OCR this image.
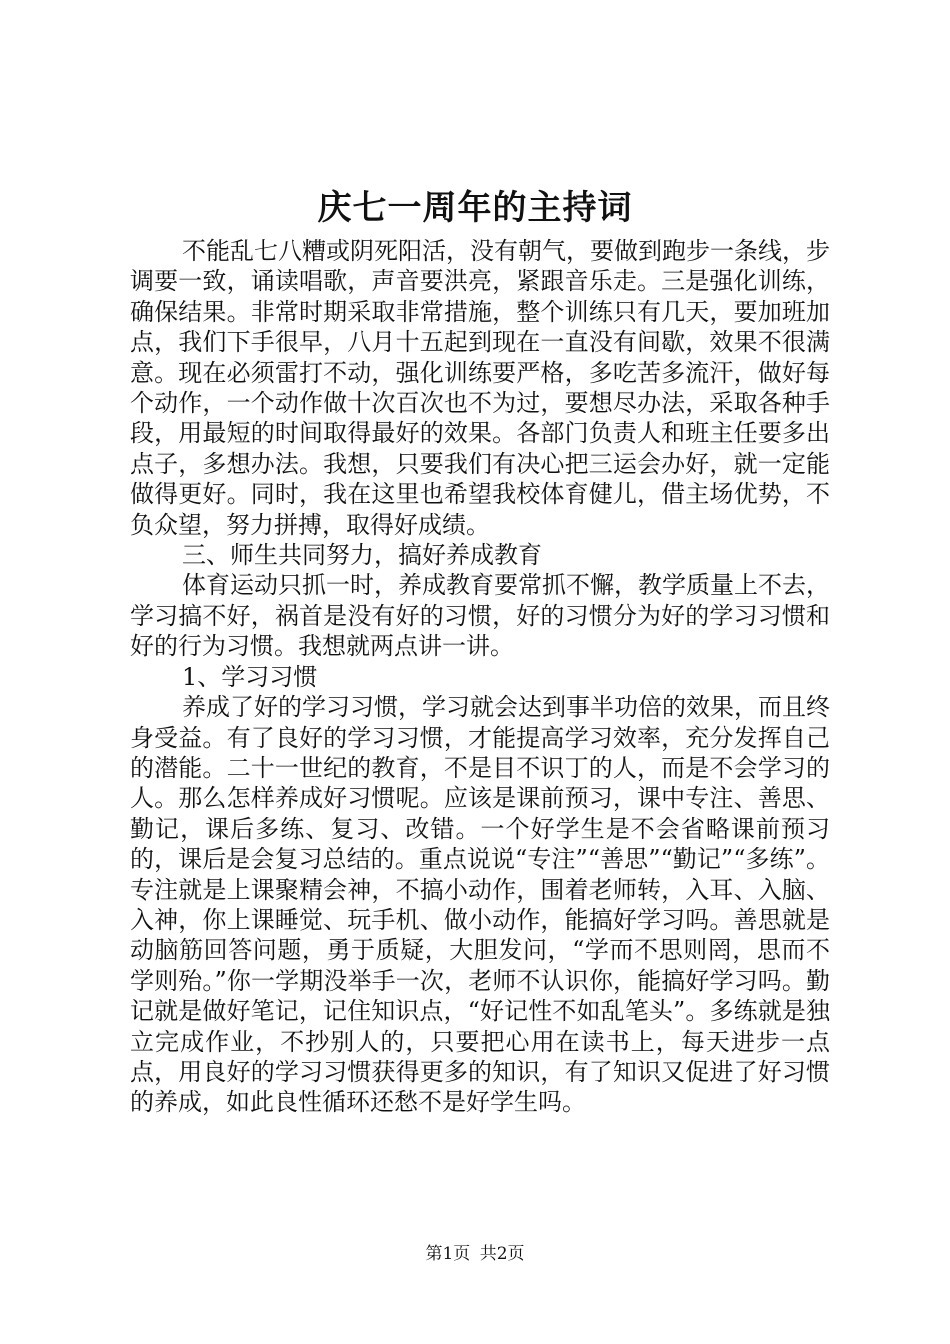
庆七一周年的主持词

不能乱七八糟或阴死阳活，没有朝气，要做到跑步一条线，步调要一致，诵读唱歌，声音要洪亮，紧跟音乐走。三是强化训练，确保结果。非常时期采取非常措施，整个训练只有几天，要加班加点，我们下手很早，八月十五起到现在一直没有间歇，效果不很满意。现在必须雷打不动，强化训练要严格，多吃苦多流汗，做好每个动作，一个动作做十次百次也不为过，要想尽办法，采取各种手段，用最短的时间取得最好的效果。各部门负责人和班主任要多出点子，多想办法。我想，只要我们有决心把三运会办好，就一定能做得更好。同时，我在这里也希望我校体育健儿，借主场优势，不负众望，努力拼搏，取得好成绩。

三、师生共同努力，搞好养成教育

体育运动只抓一时，养成教育要常抓不懈，教学质量上不去，学习搞不好，祸首是没有好的习惯，好的习惯分为好的学习习惯和好的行为习惯。我想就两点讲一讲。

1、学习习惯

养成了好的学习习惯，学习就会达到事半功倍的效果，而且终身受益。有了良好的学习习惯，才能提高学习效率，充分发挥自己的潜能。二十一世纪的教育，不是目不识丁的人，而是不会学习的人。那么怎样养成好习惯呢。应该是课前预习，课中专注、善思、勤记，课后多练、复习、改错。一个好学生是不会省略课前预习的，课后是会复习总结的。重点说说“专注”“善思”“勤记”“多练”。专注就是上课聚精会神，不搞小动作，围着老师转，入耳、入脑、入神，你上课睡觉、玩手机、做小动作，能搞好学习吗。善思就是动脑筋回答问题，勇于质疑，大胆发问，“学而不思则罔，思而不学则殆。”你一学期没举手一次，老师不认识你，能搞好学习吗。勤记就是做好笔记，记住知识点，“好记性不如乱笔头”。多练就是独立完成作业，不抄别人的，只要把心用在读书上，每天进步一点点，用良好的学习习惯获得更多的知识，有了知识又促进了好习惯的养成，如此良性循环还愁不是好学生吗。

第1页 共2页
